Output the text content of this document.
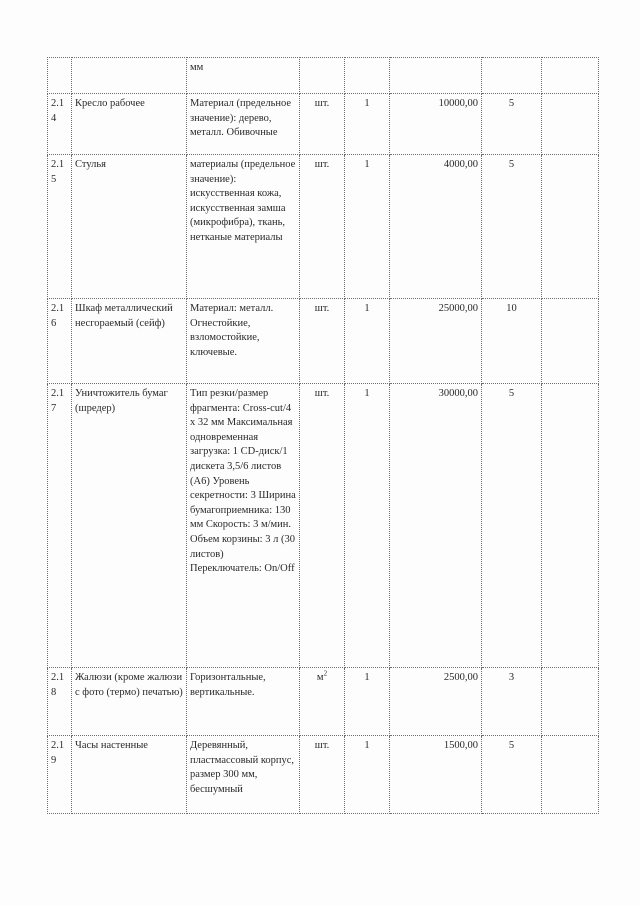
		мм					
2.14	Кресло рабочее	Материал (предельное значение): дерево, металл. Обивочные	шт.	1	10000,00	5	
2.15	Стулья	материалы (предельное значение): искусственная кожа, искусственная замша (микрофибра), ткань, нетканые материалы	шт.	1	4000,00	5	
2.16	Шкаф металлический несгораемый (сейф)	Материал: металл. Огнестойкие, взломостойкие, ключевые.	шт.	1	25000,00	10	
2.17	Уничтожитель бумаг (шредер)	Тип резки/размер фрагмента: Cross-cut/4 x 32 мм Максимальная одновременная загрузка: 1 CD-диск/1 дискета 3,5/6 листов (А6) Уровень секретности: 3 Ширина бумагоприемника: 130 мм Скорость: 3 м/мин. Объем корзины: 3 л (30 листов) Переключатель: On/Off	шт.	1	30000,00	5	
2.18	Жалюзи (кроме жалюзи с фото (термо) печатью)	Горизонтальные, вертикальные.	$м^2$	1	2500,00	3	
2.19	Часы настенные	Деревянный, пластмассовый корпус, размер 300 мм, бесшумный	шт.	1	1500,00	5	
